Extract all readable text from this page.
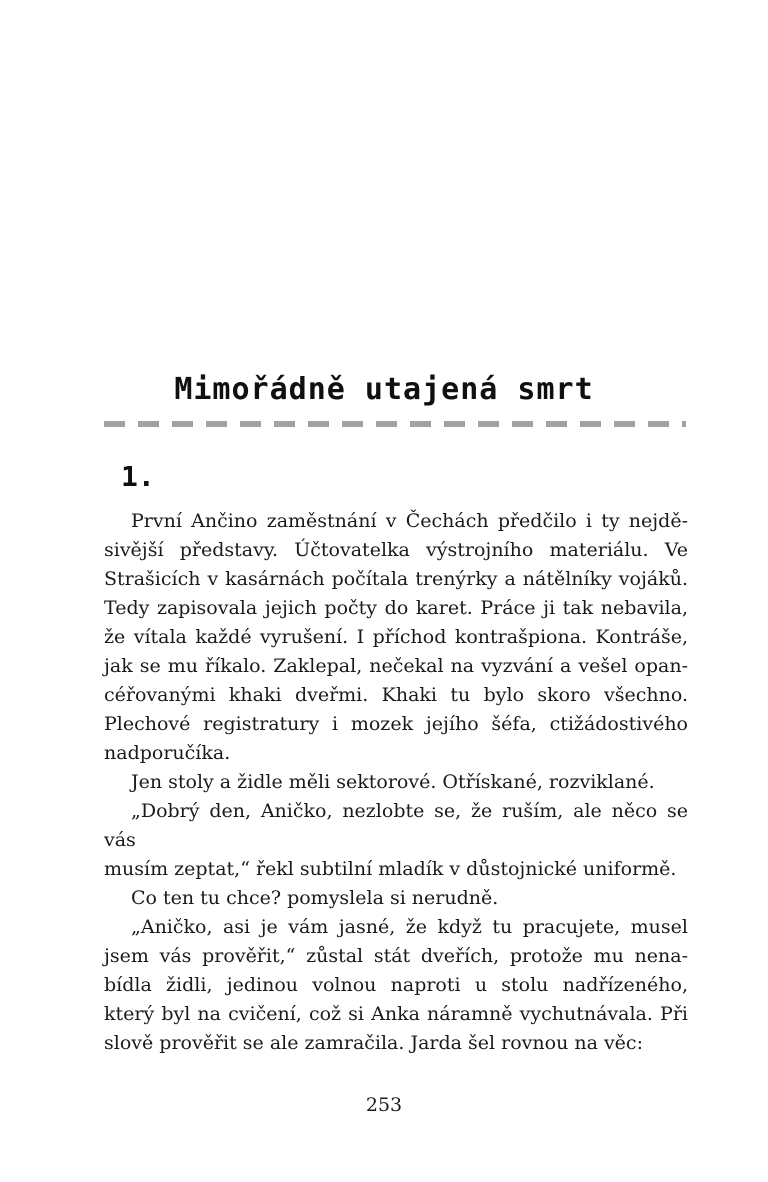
Mimořádně utajená smrt
1.
První Ančino zaměstnání v Čechách předčilo i ty nejdě-
sivější představy. Účtovatelka výstrojního materiálu. Ve
Strašicích v kasárnách počítala trenýrky a nátělníky vojáků.
Tedy zapisovala jejich počty do karet. Práce ji tak nebavila,
že vítala každé vyrušení. I příchod kontrašpiona. Kontráše,
jak se mu říkalo. Zaklepal, nečekal na vyzvání a vešel opan-
céřovanými khaki dveřmi. Khaki tu bylo skoro všechno.
Plechové registratury i mozek jejího šéfa, ctižádostivého
nadporučíka.
Jen stoly a židle měli sektorové. Otřískané, rozviklané.
„Dobrý den, Aničko, nezlobte se, že ruším, ale něco se vás
musím zeptat,“ řekl subtilní mladík v důstojnické uniformě.
Co ten tu chce? pomyslela si nerudně.
„Aničko, asi je vám jasné, že když tu pracujete, musel
jsem vás prověřit,“ zůstal stát dveřích, protože mu nena-
bídla židli, jedinou volnou naproti u stolu nadřízeného,
který byl na cvičení, což si Anka náramně vychutnávala. Při
slově prověřit se ale zamračila. Jarda šel rovnou na věc:
253
